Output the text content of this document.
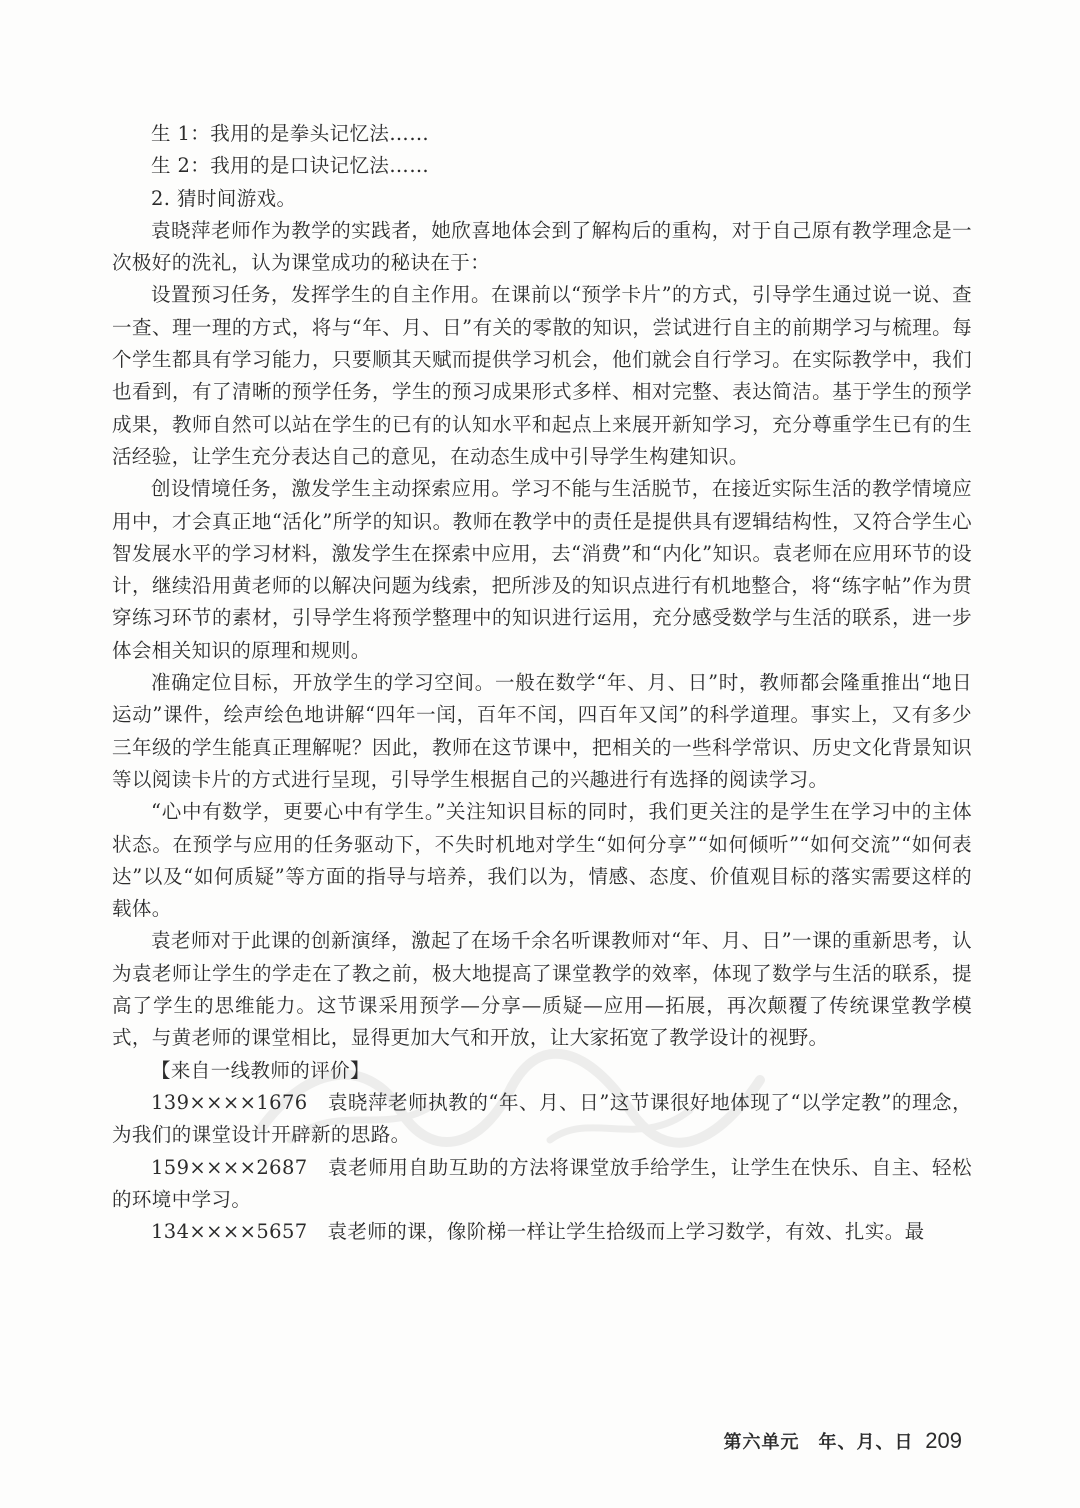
生 1：我用的是拳头记忆法……

生 2：我用的是口诀记忆法……

2. 猜时间游戏。

袁晓萍老师作为教学的实践者，她欣喜地体会到了解构后的重构，对于自己原有教学理念是一次极好的洗礼，认为课堂成功的秘诀在于：

设置预习任务，发挥学生的自主作用。在课前以“预学卡片”的方式，引导学生通过说一说、查一查、理一理的方式，将与“年、月、日”有关的零散的知识，尝试进行自主的前期学习与梳理。每个学生都具有学习能力，只要顺其天赋而提供学习机会，他们就会自行学习。在实际教学中，我们也看到，有了清晰的预学任务，学生的预习成果形式多样、相对完整、表达简洁。基于学生的预学成果，教师自然可以站在学生的已有的认知水平和起点上来展开新知学习，充分尊重学生已有的生活经验，让学生充分表达自己的意见，在动态生成中引导学生构建知识。

创设情境任务，激发学生主动探索应用。学习不能与生活脱节，在接近实际生活的教学情境应用中，才会真正地“活化”所学的知识。教师在教学中的责任是提供具有逻辑结构性，又符合学生心智发展水平的学习材料，激发学生在探索中应用，去“消费”和“内化”知识。袁老师在应用环节的设计，继续沿用黄老师的以解决问题为线索，把所涉及的知识点进行有机地整合，将“练字帖”作为贯穿练习环节的素材，引导学生将预学整理中的知识进行运用，充分感受数学与生活的联系，进一步体会相关知识的原理和规则。

准确定位目标，开放学生的学习空间。一般在数学“年、月、日”时，教师都会隆重推出“地日运动”课件，绘声绘色地讲解“四年一闰，百年不闰，四百年又闰”的科学道理。事实上，又有多少三年级的学生能真正理解呢？因此，教师在这节课中，把相关的一些科学常识、历史文化背景知识等以阅读卡片的方式进行呈现，引导学生根据自己的兴趣进行有选择的阅读学习。

“心中有数学，更要心中有学生。”关注知识目标的同时，我们更关注的是学生在学习中的主体状态。在预学与应用的任务驱动下，不失时机地对学生“如何分享”“如何倾听”“如何交流”“如何表达”以及“如何质疑”等方面的指导与培养，我们以为，情感、态度、价值观目标的落实需要这样的载体。

袁老师对于此课的创新演绎，激起了在场千余名听课教师对“年、月、日”一课的重新思考，认为袁老师让学生的学走在了教之前，极大地提高了课堂教学的效率，体现了数学与生活的联系，提高了学生的思维能力。这节课采用预学—分享—质疑—应用—拓展，再次颠覆了传统课堂教学模式，与黄老师的课堂相比，显得更加大气和开放，让大家拓宽了教学设计的视野。

【来自一线教师的评价】

139××××1676　袁晓萍老师执教的“年、月、日”这节课很好地体现了“以学定教”的理念，为我们的课堂设计开辟新的思路。

159××××2687　袁老师用自助互助的方法将课堂放手给学生，让学生在快乐、自主、轻松的环境中学习。

134××××5657　袁老师的课，像阶梯一样让学生拾级而上学习数学，有效、扎实。最

第六单元　年、月、日 209
